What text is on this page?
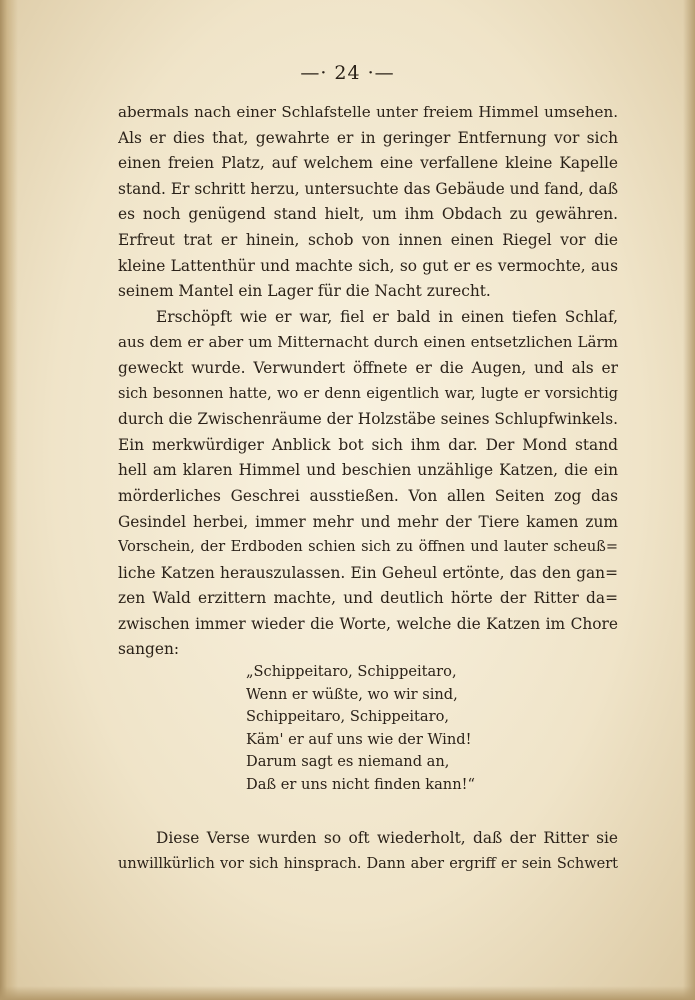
—· 24 ·—
abermals nach einer Schlafstelle unter freiem Himmel umsehen.
Als er dies that, gewahrte er in geringer Entfernung vor sich
einen freien Platz, auf welchem eine verfallene kleine Kapelle
stand. Er schritt herzu, untersuchte das Gebäude und fand, daß
es noch genügend stand hielt, um ihm Obdach zu gewähren.
Erfreut trat er hinein, schob von innen einen Riegel vor die
kleine Lattenthür und machte sich, so gut er es vermochte, aus
seinem Mantel ein Lager für die Nacht zurecht.
Erschöpft wie er war, fiel er bald in einen tiefen Schlaf,
aus dem er aber um Mitternacht durch einen entsetzlichen Lärm
geweckt wurde. Verwundert öffnete er die Augen, und als er
sich besonnen hatte, wo er denn eigentlich war, lugte er vorsichtig
durch die Zwischenräume der Holzstäbe seines Schlupfwinkels.
Ein merkwürdiger Anblick bot sich ihm dar. Der Mond stand
hell am klaren Himmel und beschien unzählige Katzen, die ein
mörderliches Geschrei ausstießen. Von allen Seiten zog das
Gesindel herbei, immer mehr und mehr der Tiere kamen zum
Vorschein, der Erdboden schien sich zu öffnen und lauter scheuß=
liche Katzen herauszulassen. Ein Geheul ertönte, das den gan=
zen Wald erzittern machte, und deutlich hörte der Ritter da=
zwischen immer wieder die Worte, welche die Katzen im Chore
sangen:
„Schippeitaro, Schippeitaro,
Wenn er wüßte, wo wir sind,
Schippeitaro, Schippeitaro,
Käm' er auf uns wie der Wind!
Darum sagt es niemand an,
Daß er uns nicht finden kann!“
Diese Verse wurden so oft wiederholt, daß der Ritter sie
unwillkürlich vor sich hinsprach. Dann aber ergriff er sein Schwert
